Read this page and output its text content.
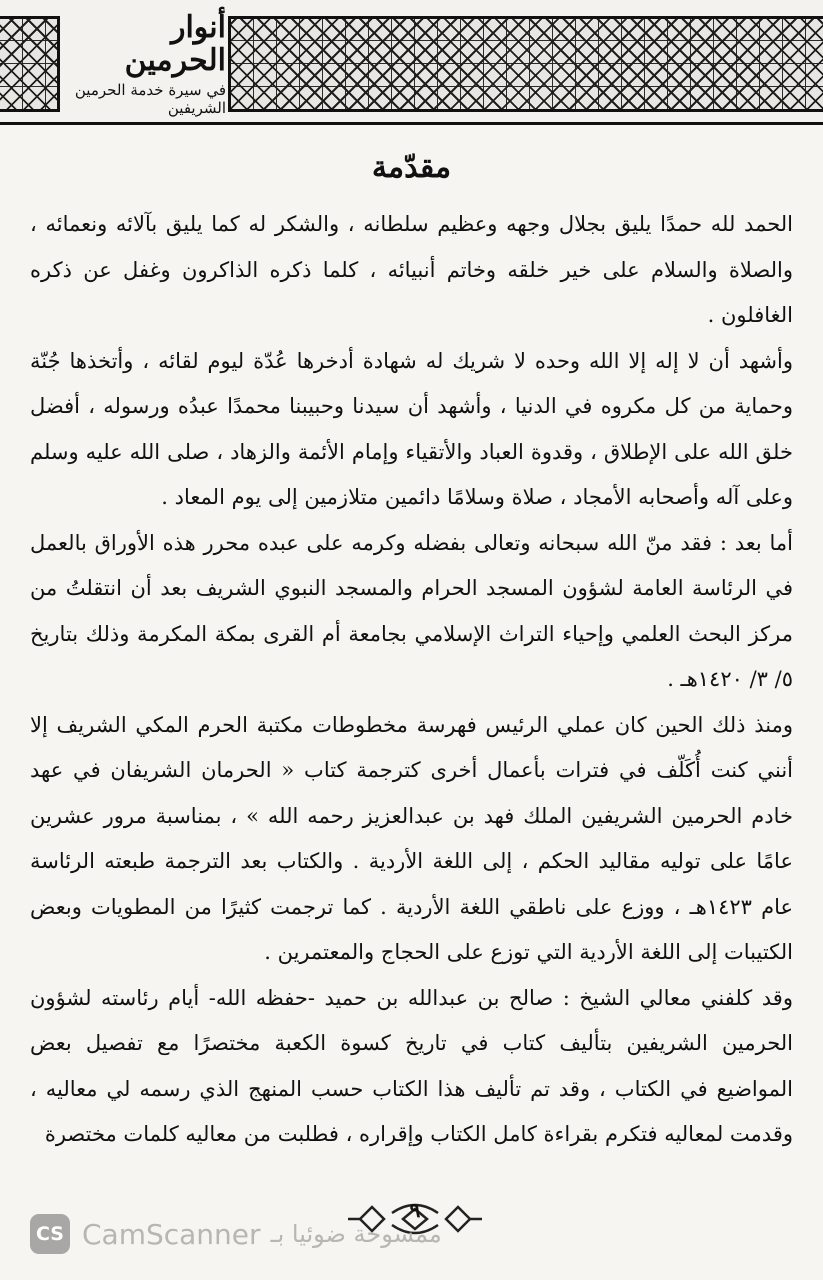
أنوار الحرمين
في سيرة خدمة الحرمين الشريفين
مقدّمة

الحمد لله حمدًا يليق بجلال وجهه وعظيم سلطانه ، والشكر له كما يليق بآلائه ونعمائه ، والصلاة والسلام على خير خلقه وخاتم أنبيائه ، كلما ذكره الذاكرون وغفل عن ذكره الغافلون .

وأشهد أن لا إله إلا الله وحده لا شريك له شهادة أدخرها عُدّة ليوم لقائه ، وأتخذها جُنّة وحماية من كل مكروه في الدنيا ، وأشهد أن سيدنا وحبيبنا محمدًا عبدُه ورسوله ، أفضل خلق الله على الإطلاق ، وقدوة العباد والأتقياء وإمام الأئمة والزهاد ، صلى الله عليه وسلم وعلى آله وأصحابه الأمجاد ، صلاة وسلامًا دائمين متلازمين إلى يوم المعاد .

أما بعد : فقد منّ الله سبحانه وتعالى بفضله وكرمه على عبده محرر هذه الأوراق بالعمل في الرئاسة العامة لشؤون المسجد الحرام والمسجد النبوي الشريف بعد أن انتقلتُ من مركز البحث العلمي وإحياء التراث الإسلامي بجامعة أم القرى بمكة المكرمة وذلك بتاريخ ٥/ ٣/ ١٤٢٠هـ .

ومنذ ذلك الحين كان عملي الرئيس فهرسة مخطوطات مكتبة الحرم المكي الشريف إلا أنني كنت أُكَلّف في فترات بأعمال أخرى كترجمة كتاب « الحرمان الشريفان في عهد خادم الحرمين الشريفين الملك فهد بن عبدالعزيز رحمه الله » ، بمناسبة مرور عشرين عامًا على توليه مقاليد الحكم ، إلى اللغة الأردية . والكتاب بعد الترجمة طبعته الرئاسة عام ١٤٢٣هـ ، ووزع على ناطقي اللغة الأردية . كما ترجمت كثيرًا من المطويات وبعض الكتيبات إلى اللغة الأردية التي توزع على الحجاج والمعتمرين .

وقد كلفني معالي الشيخ : صالح بن عبدالله بن حميد -حفظه الله- أيام رئاسته لشؤون الحرمين الشريفين بتأليف كتاب في تاريخ كسوة الكعبة مختصرًا مع تفصيل بعض المواضيع في الكتاب ، وقد تم تأليف هذا الكتاب حسب المنهج الذي رسمه لي معاليه ، وقدمت لمعاليه فتكرم بقراءة كامل الكتاب وإقراره ، فطلبت من معاليه كلمات مختصرة

٩
CS CamScanner ممسوحة ضوئيا بـ
